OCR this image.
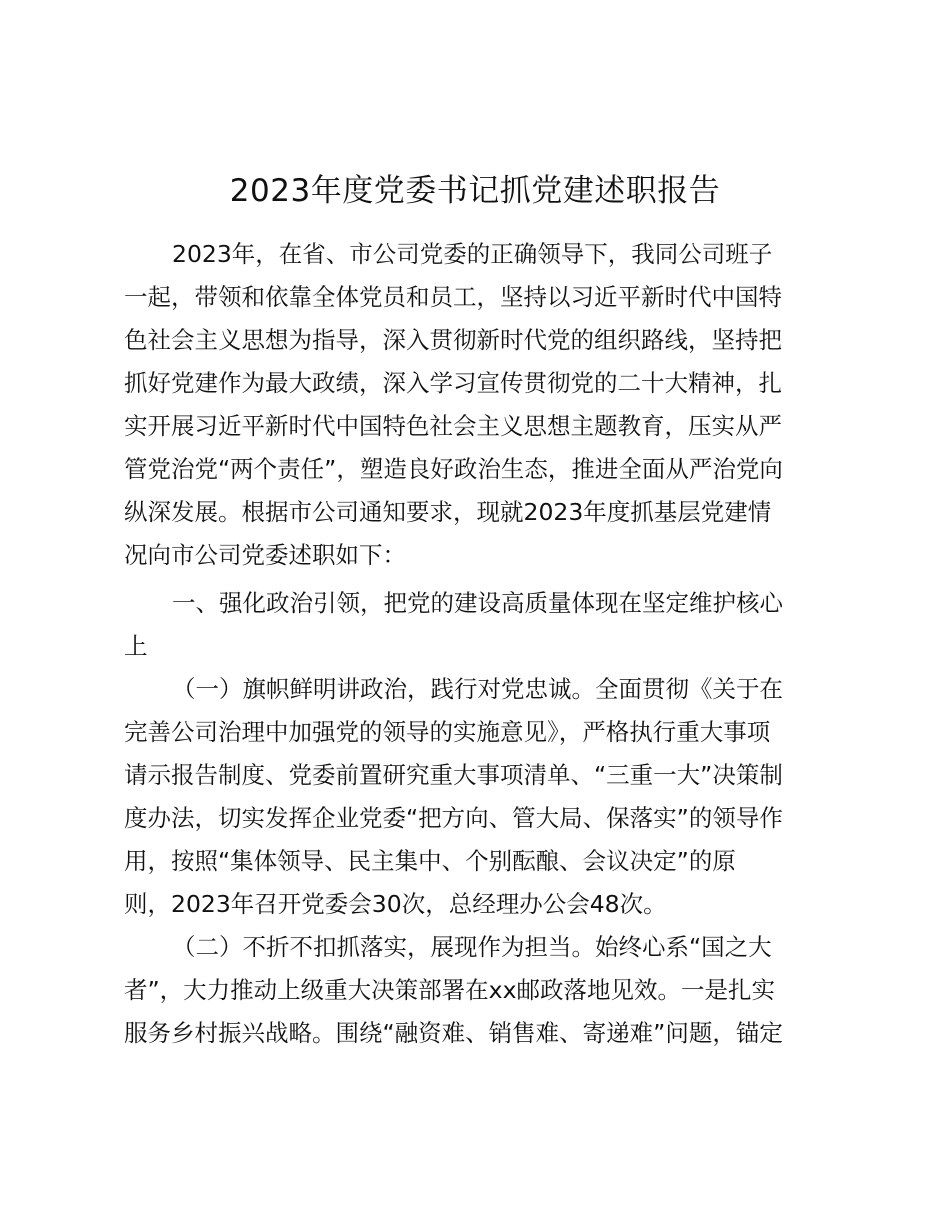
2023年度党委书记抓党建述职报告
2023年，在省、市公司党委的正确领导下，我同公司班子
一起，带领和依靠全体党员和员工，坚持以习近平新时代中国特
色社会主义思想为指导，深入贯彻新时代党的组织路线，坚持把
抓好党建作为最大政绩，深入学习宣传贯彻党的二十大精神，扎
实开展习近平新时代中国特色社会主义思想主题教育，压实从严
管党治党“两个责任”，塑造良好政治生态，推进全面从严治党向
纵深发展。根据市公司通知要求，现就2023年度抓基层党建情
况向市公司党委述职如下：
一、强化政治引领，把党的建设高质量体现在坚定维护核心
上
（一）旗帜鲜明讲政治，践行对党忠诚。全面贯彻《关于在
完善公司治理中加强党的领导的实施意见》，严格执行重大事项
请示报告制度、党委前置研究重大事项清单、“三重一大”决策制
度办法，切实发挥企业党委“把方向、管大局、保落实”的领导作
用，按照“集体领导、民主集中、个别酝酿、会议决定”的原
则，2023年召开党委会30次，总经理办公会48次。
（二）不折不扣抓落实，展现作为担当。始终心系“国之大
者”，大力推动上级重大决策部署在xx邮政落地见效。一是扎实
服务乡村振兴战略。围绕“融资难、销售难、寄递难”问题，锚定
